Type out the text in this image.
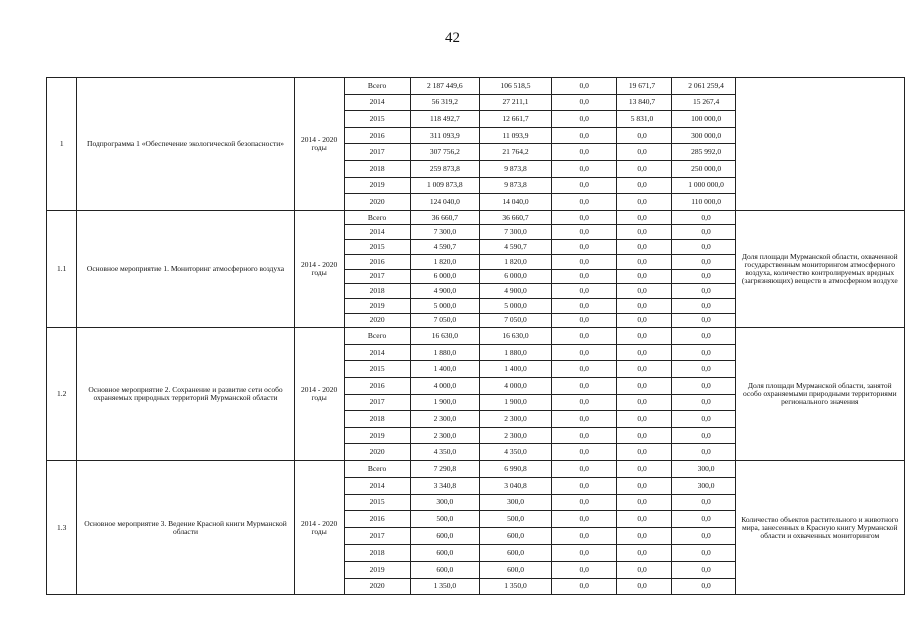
42
1	Подпрограмма 1 «Обеспечение экологической безопасности»	2014 - 2020 годы	Всего	2 187 449,6	106 518,5	0,0	19 671,7	2 061 259,4	
			2014	56 319,2	27 211,1	0,0	13 840,7	15 267,4	
			2015	118 492,7	12 661,7	0,0	5 831,0	100 000,0	
			2016	311 093,9	11 093,9	0,0	0,0	300 000,0	
			2017	307 756,2	21 764,2	0,0	0,0	285 992,0	
			2018	259 873,8	9 873,8	0,0	0,0	250 000,0	
			2019	1 009 873,8	9 873,8	0,0	0,0	1 000 000,0	
			2020	124 040,0	14 040,0	0,0	0,0	110 000,0	
1.1	Основное мероприятие 1. Мониторинг атмосферного воздуха	2014 - 2020 годы	Всего	36 660,7	36 660,7	0,0	0,0	0,0	Доля площади Мурманской области, охваченной государственным мониторингом атмосферного воздуха, количество контролируемых вредных (загрязняющих) веществ в атмосферном воздухе
			2014	7 300,0	7 300,0	0,0	0,0	0,0	
			2015	4 590,7	4 590,7	0,0	0,0	0,0	
			2016	1 820,0	1 820,0	0,0	0,0	0,0	
			2017	6 000,0	6 000,0	0,0	0,0	0,0	
			2018	4 900,0	4 900,0	0,0	0,0	0,0	
			2019	5 000,0	5 000,0	0,0	0,0	0,0	
			2020	7 050,0	7 050,0	0,0	0,0	0,0	
1.2	Основное мероприятие 2. Сохранение и развитие сети особо охраняемых природных территорий Мурманской области	2014 - 2020 годы	Всего	16 630,0	16 630,0	0,0	0,0	0,0	Доля площади Мурманской области, занятой особо охраняемыми природными территориями регионального значения
			2014	1 880,0	1 880,0	0,0	0,0	0,0	
			2015	1 400,0	1 400,0	0,0	0,0	0,0	
			2016	4 000,0	4 000,0	0,0	0,0	0,0	
			2017	1 900,0	1 900,0	0,0	0,0	0,0	
			2018	2 300,0	2 300,0	0,0	0,0	0,0	
			2019	2 300,0	2 300,0	0,0	0,0	0,0	
			2020	4 350,0	4 350,0	0,0	0,0	0,0	
1.3	Основное мероприятие 3. Ведение Красной книги Мурманской области	2014 - 2020 годы	Всего	7 290,8	6 990,8	0,0	0,0	300,0	Количество объектов растительного и животного мира, занесенных в Красную книгу Мурманской области и охваченных мониторингом
			2014	3 340,8	3 040,8	0,0	0,0	300,0	
			2015	300,0	300,0	0,0	0,0	0,0	
			2016	500,0	500,0	0,0	0,0	0,0	
			2017	600,0	600,0	0,0	0,0	0,0	
			2018	600,0	600,0	0,0	0,0	0,0	
			2019	600,0	600,0	0,0	0,0	0,0	
			2020	1 350,0	1 350,0	0,0	0,0	0,0	
